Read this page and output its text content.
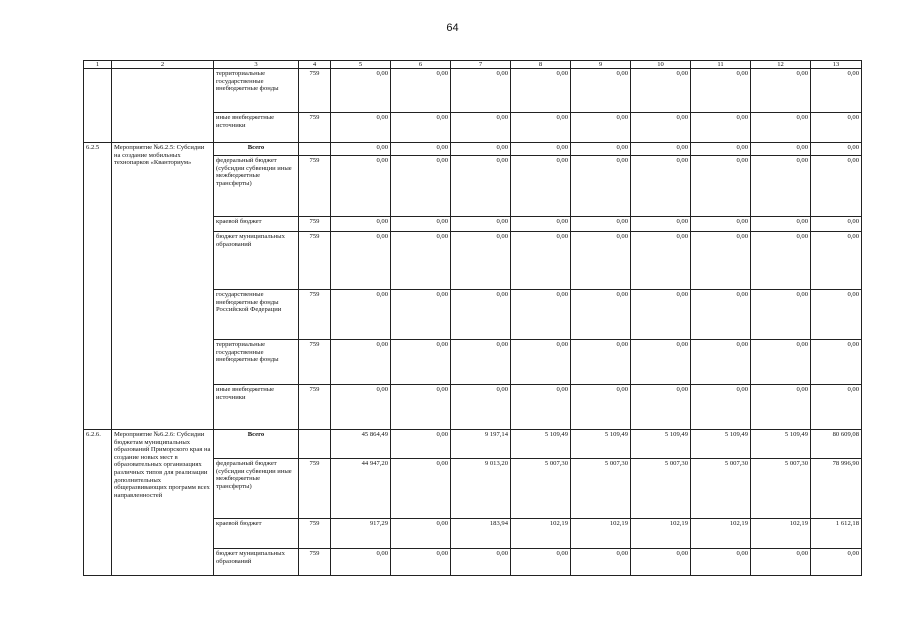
64
1	2	3	4	5	6	7	8	9	10	11	12	13
		территориальные государственные внебюджетные фонды	759	0,00	0,00	0,00	0,00	0,00	0,00	0,00	0,00	0,00
		иные внебюджетные источники	759	0,00	0,00	0,00	0,00	0,00	0,00	0,00	0,00	0,00
6.2.5	Мероприятие №6.2.5: Субсидии на создание мобильных технопарков «Кванториум»	Всего		0,00	0,00	0,00	0,00	0,00	0,00	0,00	0,00	0,00
		федеральный бюджет (субсидии субвенции иные межбюджетные трансферты)	759	0,00	0,00	0,00	0,00	0,00	0,00	0,00	0,00	0,00
		краевой бюджет	759	0,00	0,00	0,00	0,00	0,00	0,00	0,00	0,00	0,00
		бюджет муниципальных образований	759	0,00	0,00	0,00	0,00	0,00	0,00	0,00	0,00	0,00
		государственные внебюджетные фонды Российской Федерации	759	0,00	0,00	0,00	0,00	0,00	0,00	0,00	0,00	0,00
		территориальные государственные внебюджетные фонды	759	0,00	0,00	0,00	0,00	0,00	0,00	0,00	0,00	0,00
		иные внебюджетные источники	759	0,00	0,00	0,00	0,00	0,00	0,00	0,00	0,00	0,00
6.2.6.	Мероприятие №6.2.6: Субсидии бюджетам муниципальных образований Приморского края на создание новых мест в образовательных организациях различных типов для реализации дополнительных общеразвивающих программ всех направленностей	Всего		45 864,49	0,00	9 197,14	5 109,49	5 109,49	5 109,49	5 109,49	5 109,49	80 609,08
		федеральный бюджет (субсидии субвенции иные межбюджетные трансферты)	759	44 947,20	0,00	9 013,20	5 007,30	5 007,30	5 007,30	5 007,30	5 007,30	78 996,90
		краевой бюджет	759	917,29	0,00	183,94	102,19	102,19	102,19	102,19	102,19	1 612,18
		бюджет муниципальных образований	759	0,00	0,00	0,00	0,00	0,00	0,00	0,00	0,00	0,00
